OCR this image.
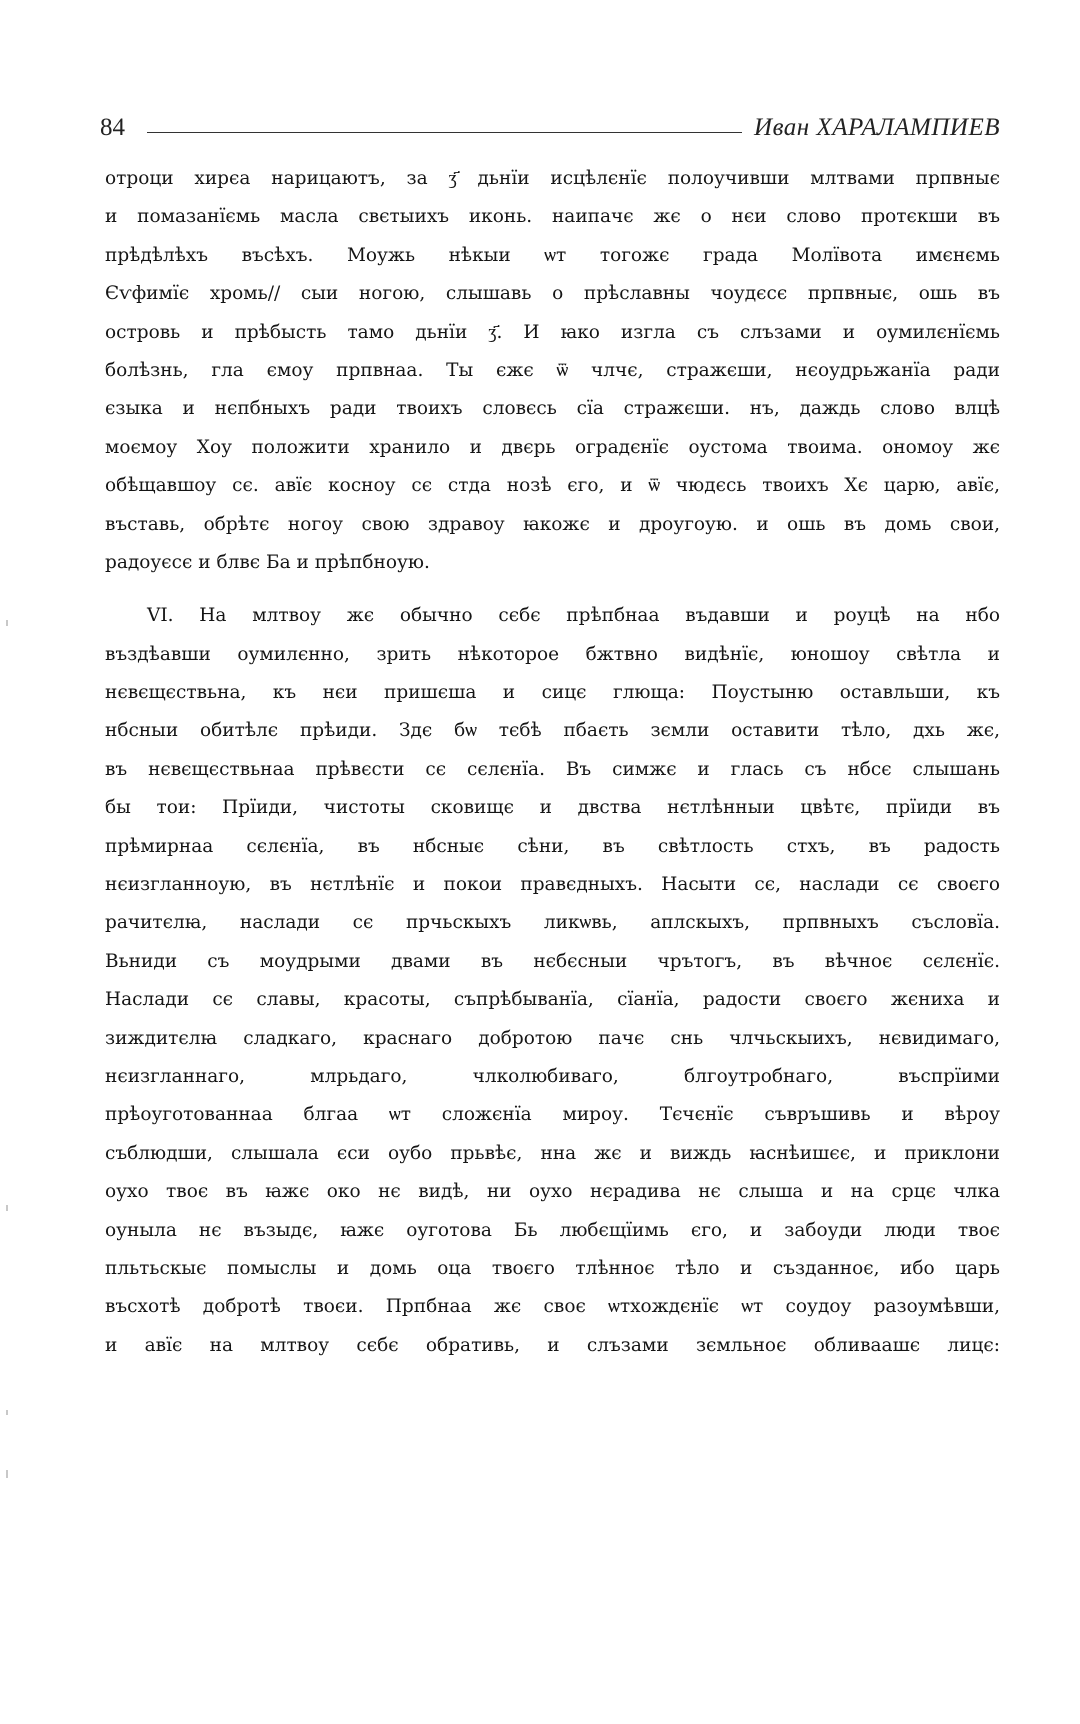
84	Иван ХАРАЛАМПИЕВ
отроци хирєа нарицаютъ, за ӡ҃ дьнїи исцѣлєнїє полоучивши млтвами прпвныє
и помазанїємь масла свєтыихъ иконь. наипачє жє о нєи слово протєкши въ
прѣдѣлѣхъ въсѣхъ. Моужь нѣкыи ѡт тогожє града Молївота имєнємь
Єѵфимїє хромь// сыи ногою, слышавь о прѣславны чоудєсє прпвныє, ошь въ
островь и прѣбысть тамо дьнїи ӡ҃. И ꙗко изгла съ слъзами и оумилєнїємь
болѣзнь, гла ємоу прпвнаа. Ты єжє ѿ члчє, стражєши, нєоудрьжанїа ради
єзыка и нєпбныхъ ради твоихъ словєсь сїа стражєши. нъ, даждь слово влцѣ
моємоу Хоу положити хранило и двєрь оградєнїє оустома твоима. ономоу жє
обѣщавшоу сє. авїє косноу сє стда нозѣ єго, и ѿ чюдєсь твоихъ Хє царю, авїє,
въставь, обрѣтє ногоу свою здравоу ꙗкожє и дроугоую. и ошь въ домь свои,
радоуєсє и блвє Ба и прѣпбноую.
VI. На млтвоу жє обычно сєбє прѣпбнаа въдавши и роуцѣ на нбо
въздѣавши оумилєнно, зрить нѣкоторое бжтвно видѣнїє, юношоу свѣтла и
нєвєщєствьна, къ нєи пришєша и сицє глюща: Поустыню оставльши, къ
нбсныи обитѣлє прѣиди. Здє бѡ тєбѣ пбаєть зємли оставити тѣло, дхь жє,
въ нєвєщєствьнаа прѣвєсти сє сєлєнїа. Въ симжє и глась съ нбсє слышань
бы тои: Прїиди, чистоты сковищє и двства нєтлѣнныи цвѣтє, прїиди въ
прѣмирнаа сєлєнїа, въ нбсныє сѣни, въ свѣтлость стхъ, въ радость
нєизгланноую, въ нєтлѣнїє и покои правєдныхъ. Насыти сє, наслади сє своєго
рачитєлꙗ, наслади сє прчьскыхъ ликѡвь, аплскыхъ, прпвныхъ съсловїа.
Вьниди съ моудрыми двами въ нєбєсныи чрътогъ, въ вѣчноє сєлєнїє.
Наслади сє славы, красоты, съпрѣбыванїа, сїанїа, радости своєго жєниха и
зиждитєлꙗ сладкаго, краснаго добротою пачє снь члчьскыихъ, нєвидимаго,
нєизгланнаго, млрьдаго, члколюбиваго, блгоутробнаго, въспрїими
прѣоуготованнаа блгаа ѡт сложєнїа мироу. Тєчєнїє съвръшивь и вѣроу
съблюдши, слышала єси оубо прьвѣє, нна жє и виждь ꙗснѣишєє, и приклони
оухо твоє въ ꙗжє око нє видѣ, ни оухо нєрадива нє слыша и на срцє члка
оуныла нє възыдє, ꙗжє оуготова Бь любєщїимь єго, и забоуди люди твоє
пльтьскыє помыслы и домь оца твоєго тлѣнноє тѣло и създанноє, ибо царь
въсхотѣ добротѣ твоєи. Прпбнаа жє своє ѡтхождєнїє ѡт соудоу разоумѣвши,
и авїє на млтвоу сєбє обративь, и слъзами зємльноє обливаашє лицє:
